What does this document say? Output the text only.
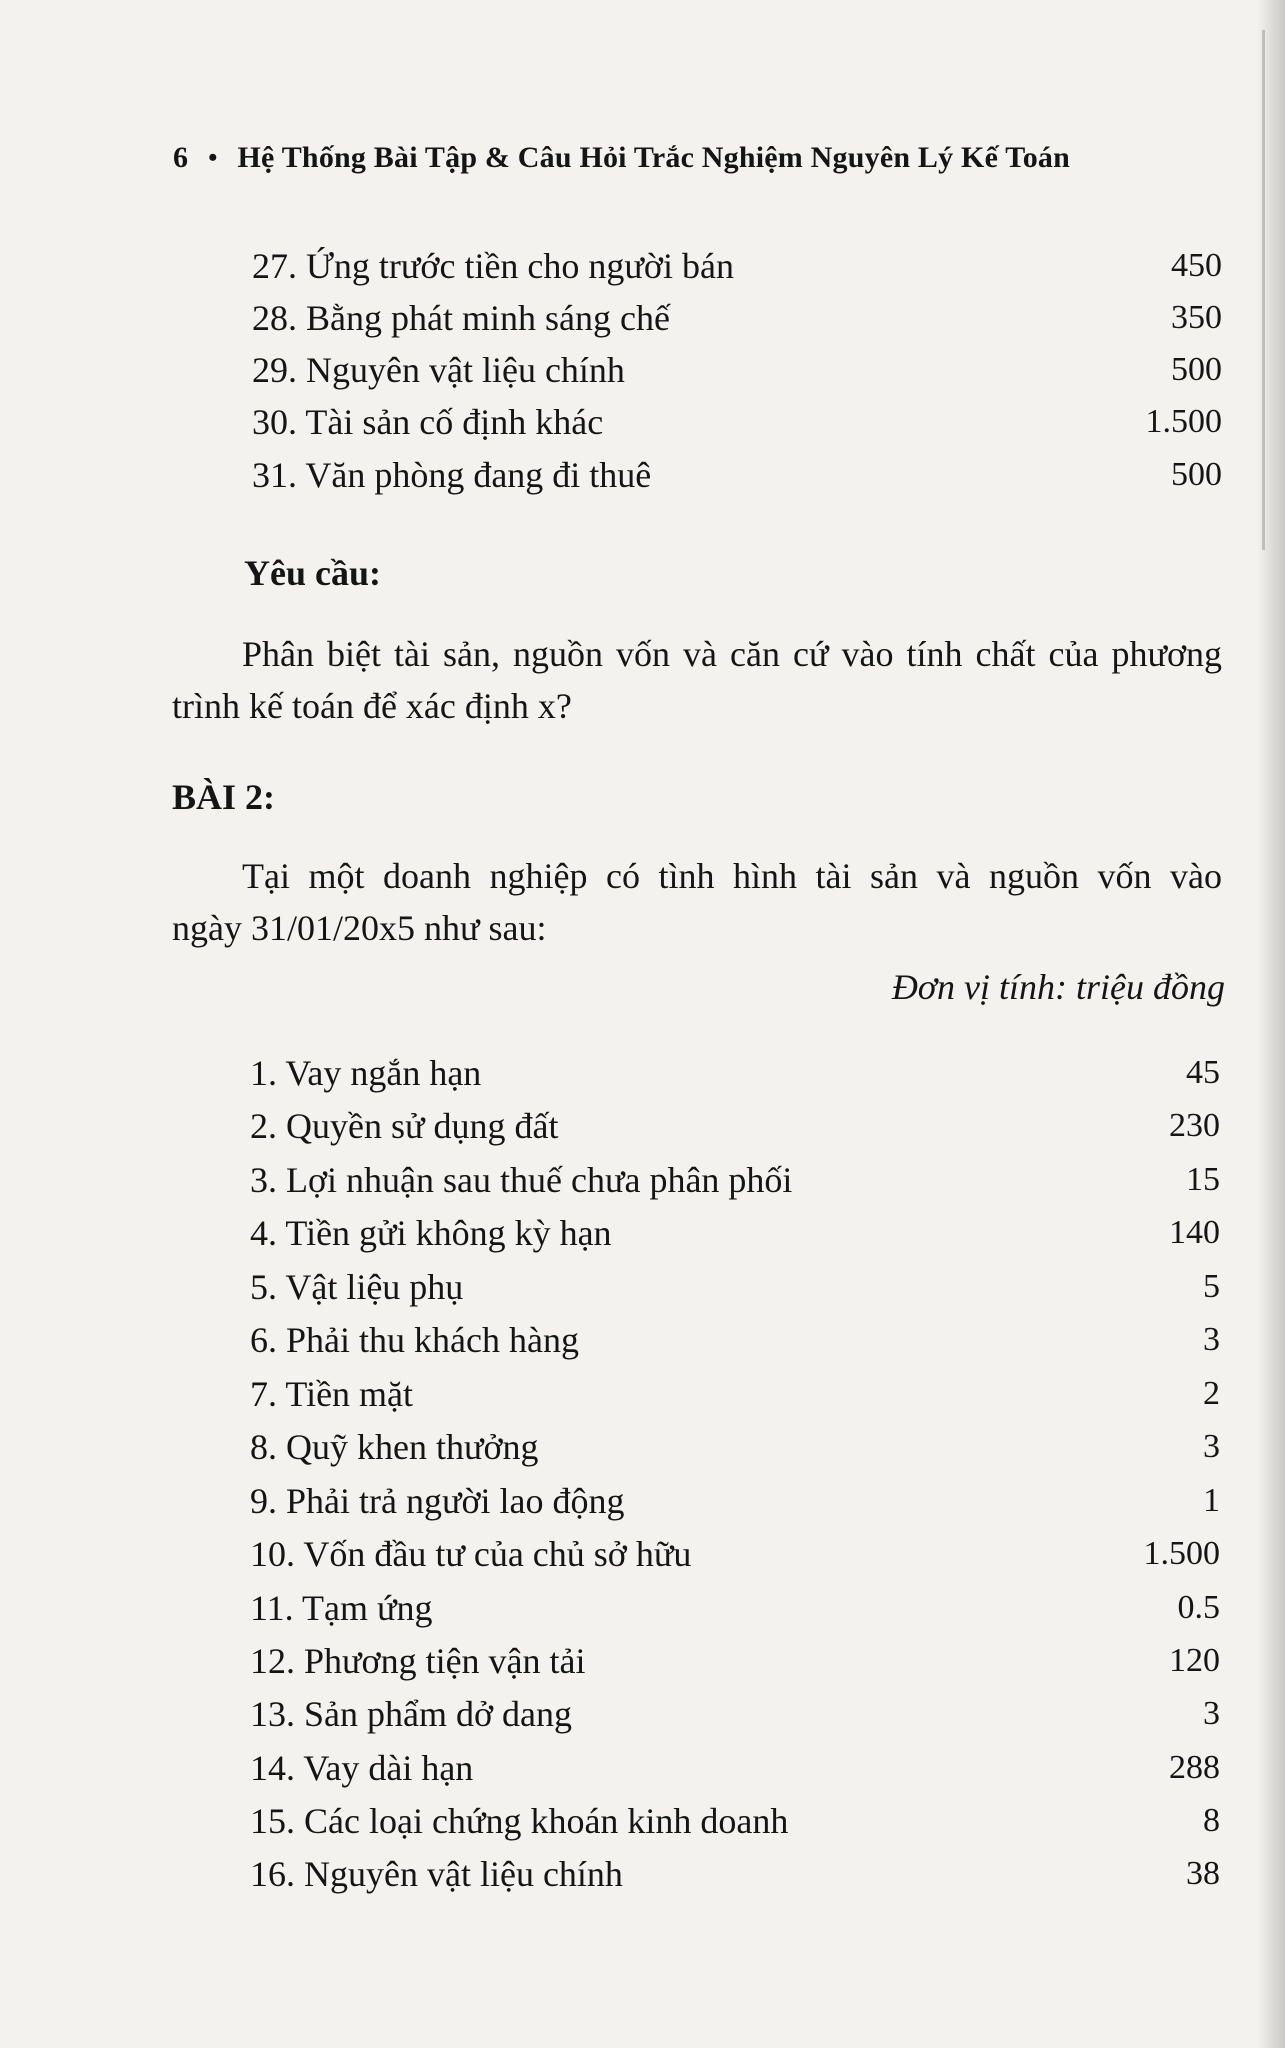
6 • Hệ Thống Bài Tập & Câu Hỏi Trắc Nghiệm Nguyên Lý Kế Toán
27. Ứng trước tiền cho người bán	450
28. Bằng phát minh sáng chế	350
29. Nguyên vật liệu chính	500
30. Tài sản cố định khác	1.500
31. Văn phòng đang đi thuê	500
Yêu cầu:
Phân biệt tài sản, nguồn vốn và căn cứ vào tính chất của phương
trình kế toán để xác định x?
BÀI 2:
Tại một doanh nghiệp có tình hình tài sản và nguồn vốn vào
ngày 31/01/20x5 như sau:
Đơn vị tính: triệu đồng
1. Vay ngắn hạn	45
2. Quyền sử dụng đất	230
3. Lợi nhuận sau thuế chưa phân phối	15
4. Tiền gửi không kỳ hạn	140
5. Vật liệu phụ	5
6. Phải thu khách hàng	3
7. Tiền mặt	2
8. Quỹ khen thưởng	3
9. Phải trả người lao động	1
10. Vốn đầu tư của chủ sở hữu	1.500
11. Tạm ứng	0.5
12. Phương tiện vận tải	120
13. Sản phẩm dở dang	3
14. Vay dài hạn	288
15. Các loại chứng khoán kinh doanh	8
16. Nguyên vật liệu chính	38
